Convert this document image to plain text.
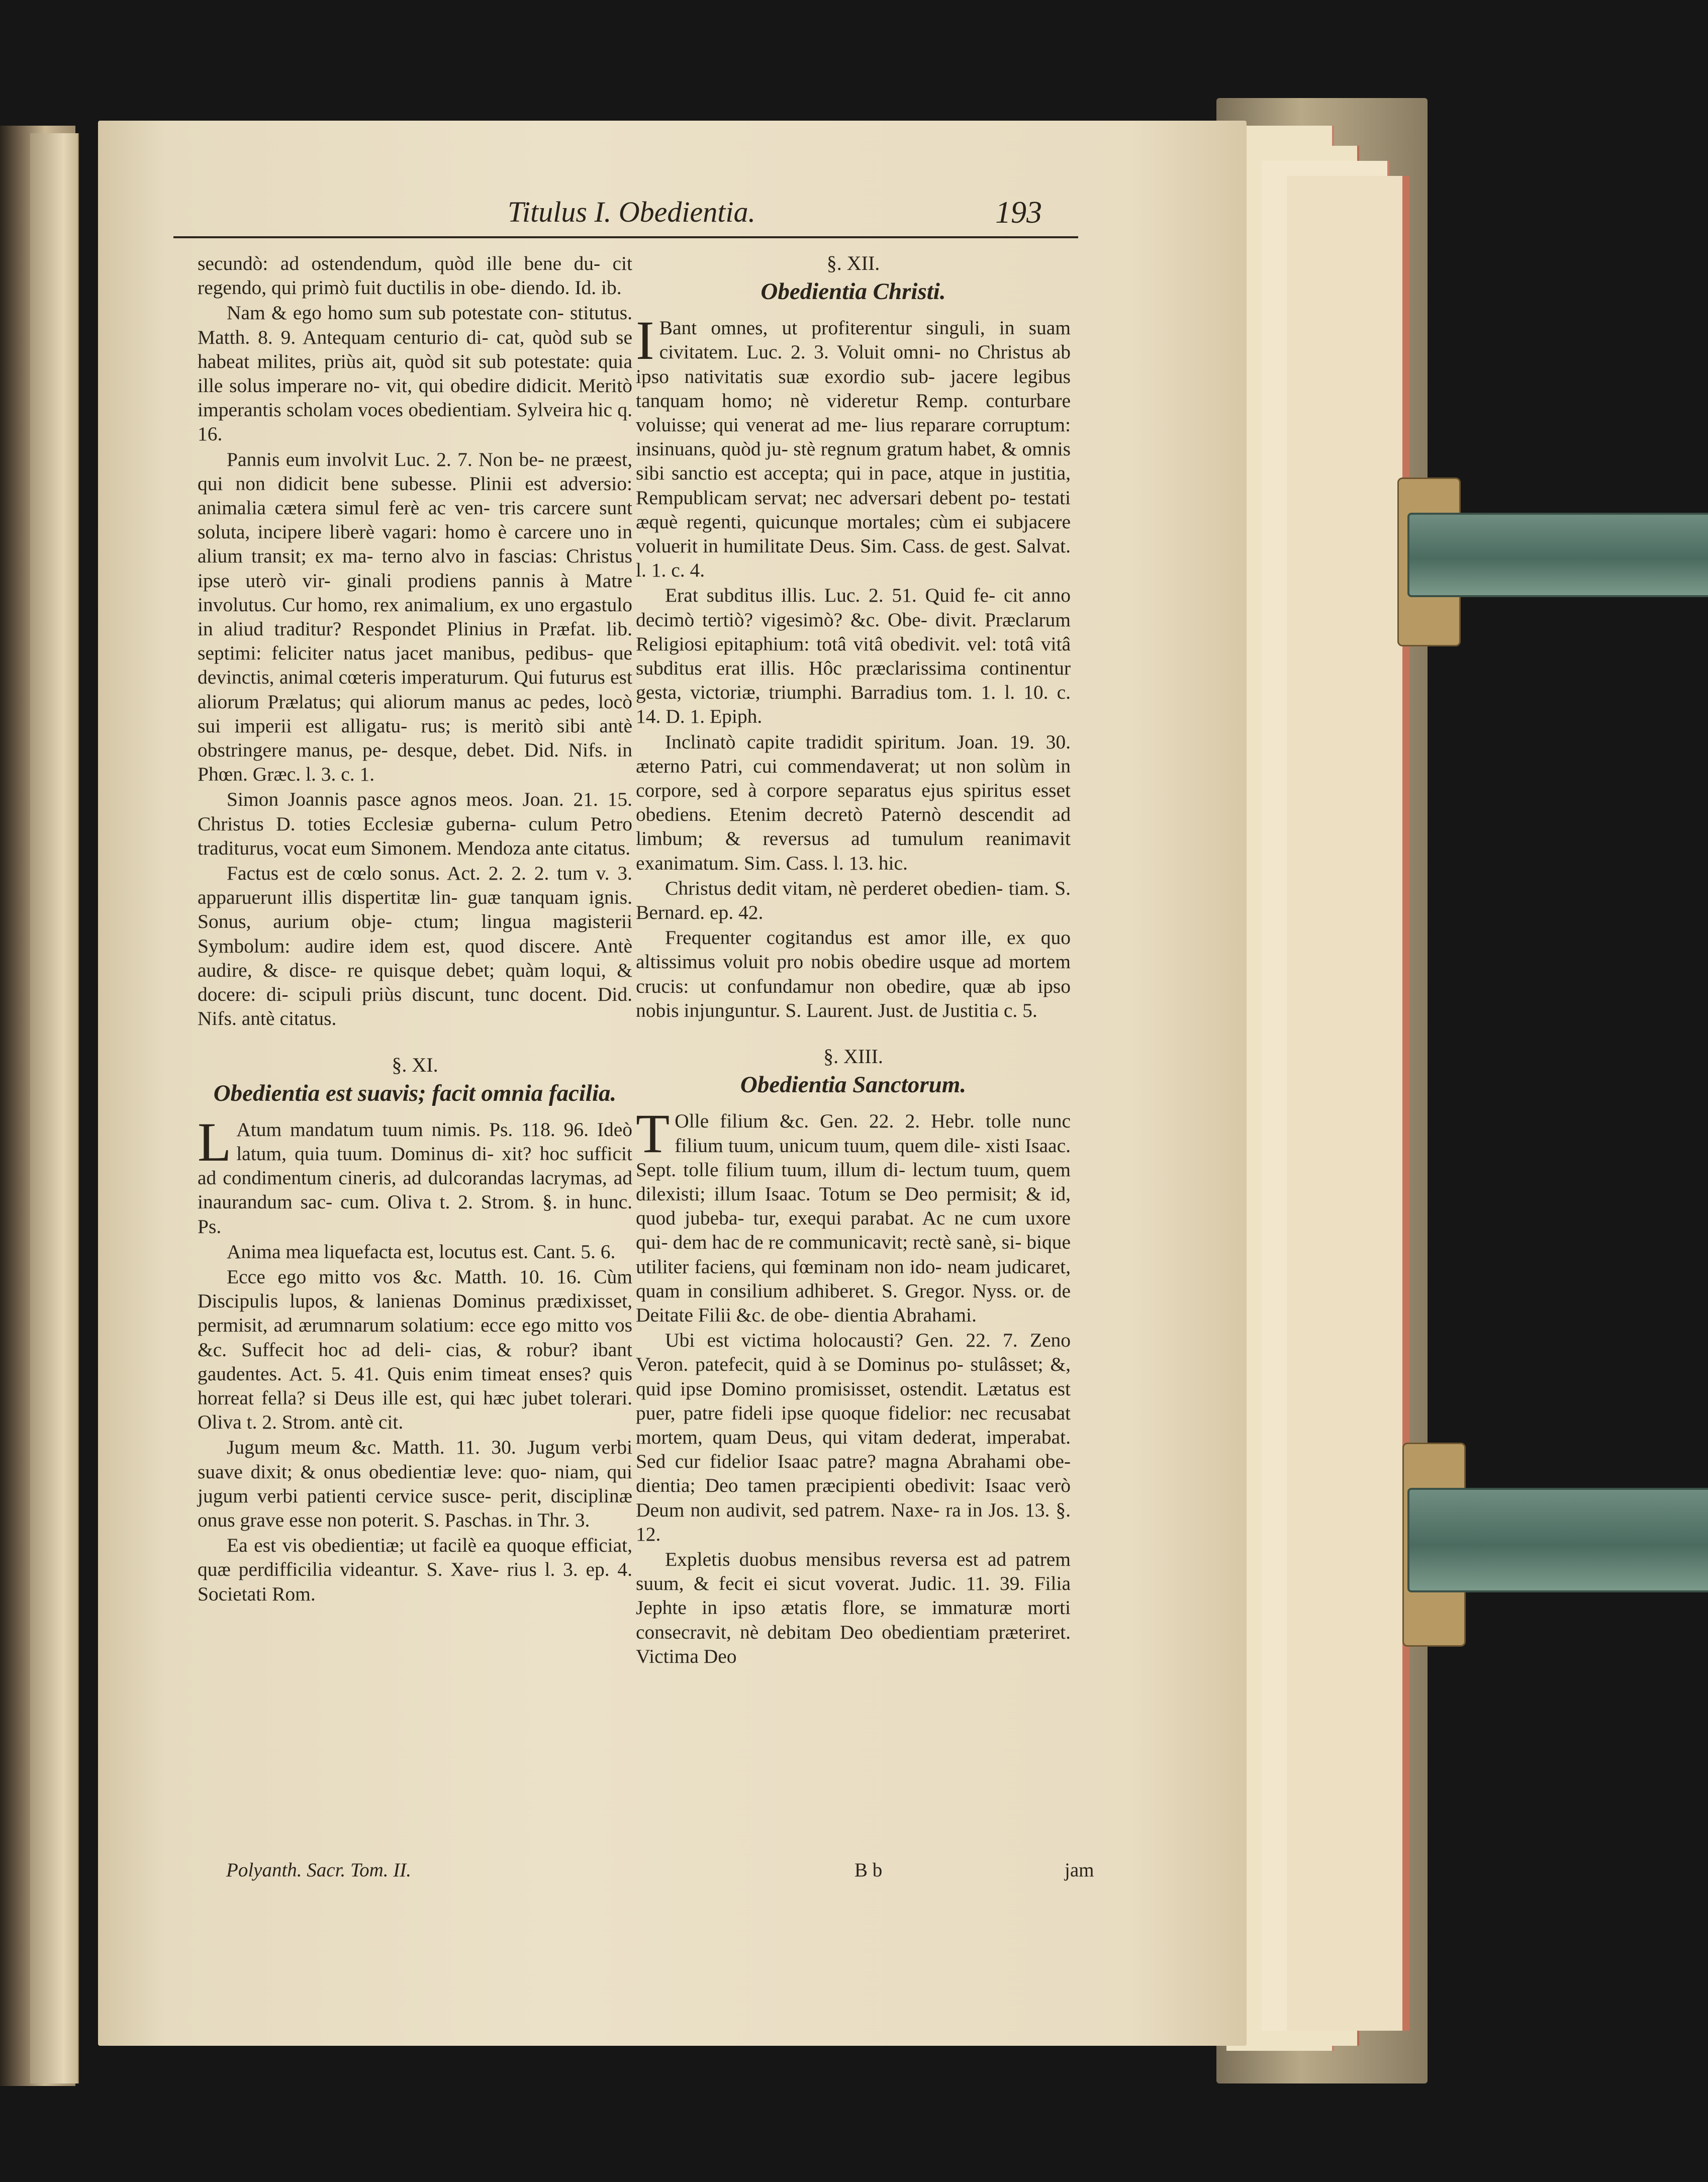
Titulus I. Obedientia.	193

secundò: ad ostendendum, quòd ille bene du- cit regendo, qui primò fuit ductilis in obe- diendo. Id. ib.

Nam & ego homo sum sub potestate con- stitutus. Matth. 8. 9. Antequam centurio di- cat, quòd sub se habeat milites, priùs ait, quòd sit sub potestate: quia ille solus imperare no- vit, qui obedire didicit. Meritò imperantis scholam voces obedientiam. Sylveira hic q. 16.

Pannis eum involvit Luc. 2. 7. Non be- ne præest, qui non didicit bene subesse. Plinii est adversio: animalia cætera simul ferè ac ven- tris carcere sunt soluta, incipere liberè vagari: homo è carcere uno in alium transit; ex ma- terno alvo in fascias: Christus ipse uterò vir- ginali prodiens pannis à Matre involutus. Cur homo, rex animalium, ex uno ergastulo in aliud traditur? Respondet Plinius in Præfat. lib. septimi: feliciter natus jacet manibus, pedibus- que devinctis, animal cœteris imperaturum. Qui futurus est aliorum Prælatus; qui aliorum manus ac pedes, locò sui imperii est alligatu- rus; is meritò sibi antè obstringere manus, pe- desque, debet. Did. Nifs. in Phœn. Græc. l. 3. c. 1.

Simon Joannis pasce agnos meos. Joan. 21. 15. Christus D. toties Ecclesiæ guberna- culum Petro traditurus, vocat eum Simonem. Mendoza ante citatus.

Factus est de cœlo sonus. Act. 2. 2. 2. tum v. 3. apparuerunt illis dispertitæ lin- guæ tanquam ignis. Sonus, aurium obje- ctum; lingua magisterii Symbolum: audire idem est, quod discere. Antè audire, & disce- re quisque debet; quàm loqui, & docere: di- scipuli priùs discunt, tunc docent. Did. Nifs. antè citatus.

§. XI.
Obedientia est suavis; facit omnia facilia.

L Atum mandatum tuum nimis. Ps. 118. 96. Ideò latum, quia tuum. Dominus di- xit? hoc sufficit ad condimentum cineris, ad dulcorandas lacrymas, ad inaurandum sac- cum. Oliva t. 2. Strom. §. in hunc. Ps.

Anima mea liquefacta est, locutus est. Cant. 5. 6.

Ecce ego mitto vos &c. Matth. 10. 16. Cùm Discipulis lupos, & lanienas Dominus prædixisset, permisit, ad ærumnarum solatium: ecce ego mitto vos &c. Suffecit hoc ad deli- cias, & robur? ibant gaudentes. Act. 5. 41. Quis enim timeat enses? quis horreat fella? si Deus ille est, qui hæc jubet tolerari. Oliva t. 2. Strom. antè cit.

Jugum meum &c. Matth. 11. 30. Jugum verbi suave dixit; & onus obedientiæ leve: quo- niam, qui jugum verbi patienti cervice susce- perit, disciplinæ onus grave esse non poterit. S. Paschas. in Thr. 3.

Ea est vis obedientiæ; ut facilè ea quoque efficiat, quæ perdifficilia videantur. S. Xave- rius l. 3. ep. 4. Societati Rom.

§. XII.
Obedientia Christi.

I Bant omnes, ut profiterentur singuli, in suam civitatem. Luc. 2. 3. Voluit omni- no Christus ab ipso nativitatis suæ exordio sub- jacere legibus tanquam homo; nè videretur Remp. conturbare voluisse; qui venerat ad me- lius reparare corruptum: insinuans, quòd ju- stè regnum gratum habet, & omnis sibi sanctio est accepta; qui in pace, atque in justitia, Rempublicam servat; nec adversari debent po- testati æquè regenti, quicunque mortales; cùm ei subjacere voluerit in humilitate Deus. Sim. Cass. de gest. Salvat. l. 1. c. 4.

Erat subditus illis. Luc. 2. 51. Quid fe- cit anno decimò tertiò? vigesimò? &c. Obe- divit. Præclarum Religiosi epitaphium: totâ vitâ obedivit. vel: totâ vitâ subditus erat illis. Hôc præclarissima continentur gesta, victoriæ, triumphi. Barradius tom. 1. l. 10. c. 14. D. 1. Epiph.

Inclinatò capite tradidit spiritum. Joan. 19. 30. æterno Patri, cui commendaverat; ut non solùm in corpore, sed à corpore separatus ejus spiritus esset obediens. Etenim decretò Paternò descendit ad limbum; & reversus ad tumulum reanimavit exanimatum. Sim. Cass. l. 13. hic.

Christus dedit vitam, nè perderet obedien- tiam. S. Bernard. ep. 42.

Frequenter cogitandus est amor ille, ex quo altissimus voluit pro nobis obedire usque ad mortem crucis: ut confundamur non obedire, quæ ab ipso nobis injunguntur. S. Laurent. Just. de Justitia c. 5.

§. XIII.
Obedientia Sanctorum.

T Olle filium &c. Gen. 22. 2. Hebr. tolle nunc filium tuum, unicum tuum, quem dile- xisti Isaac. Sept. tolle filium tuum, illum di- lectum tuum, quem dilexisti; illum Isaac. Totum se Deo permisit; & id, quod jubeba- tur, exequi parabat. Ac ne cum uxore qui- dem hac de re communicavit; rectè sanè, si- bique utiliter faciens, qui fœminam non ido- neam judicaret, quam in consilium adhiberet. S. Gregor. Nyss. or. de Deitate Filii &c. de obe- dientia Abrahami.

Ubi est victima holocausti? Gen. 22. 7. Zeno Veron. patefecit, quid à se Dominus po- stulâsset; &, quid ipse Domino promisisset, ostendit. Lætatus est puer, patre fideli ipse quoque fidelior: nec recusabat mortem, quam Deus, qui vitam dederat, imperabat. Sed cur fidelior Isaac patre? magna Abrahami obe- dientia; Deo tamen præcipienti obedivit: Isaac verò Deum non audivit, sed patrem. Naxe- ra in Jos. 13. §. 12.

Expletis duobus mensibus reversa est ad patrem suum, & fecit ei sicut voverat. Judic. 11. 39. Filia Jephte in ipso ætatis flore, se immaturæ morti consecravit, nè debitam Deo obedientiam præteriret. Victima Deo

Polyanth. Sacr. Tom. II.	B b	jam
